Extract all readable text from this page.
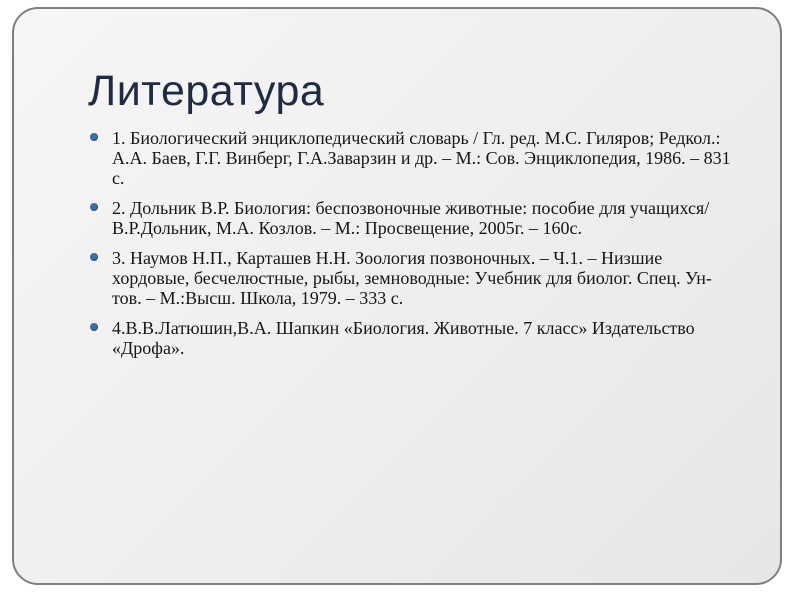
Литература
1. Биологический энциклопедический словарь / Гл. ред. М.С. Гиляров; Редкол.: А.А. Баев, Г.Г. Винберг, Г.А.Заварзин и др. – М.: Сов. Энциклопедия, 1986. – 831 с.
2. Дольник В.Р. Биология: беспозвоночные животные: пособие для учащихся/В.Р.Дольник, М.А. Козлов. – М.: Просвещение, 2005г. – 160с.
3. Наумов Н.П., Карташев Н.Н. Зоология позвоночных. – Ч.1. – Низшие хордовые, бесчелюстные, рыбы, земноводные: Учебник для биолог. Спец. Ун-тов. – М.:Высш. Школа, 1979. – 333 с.
4.В.В.Латюшин,В.А. Шапкин «Биология. Животные. 7 класс» Издательство «Дрофа».
